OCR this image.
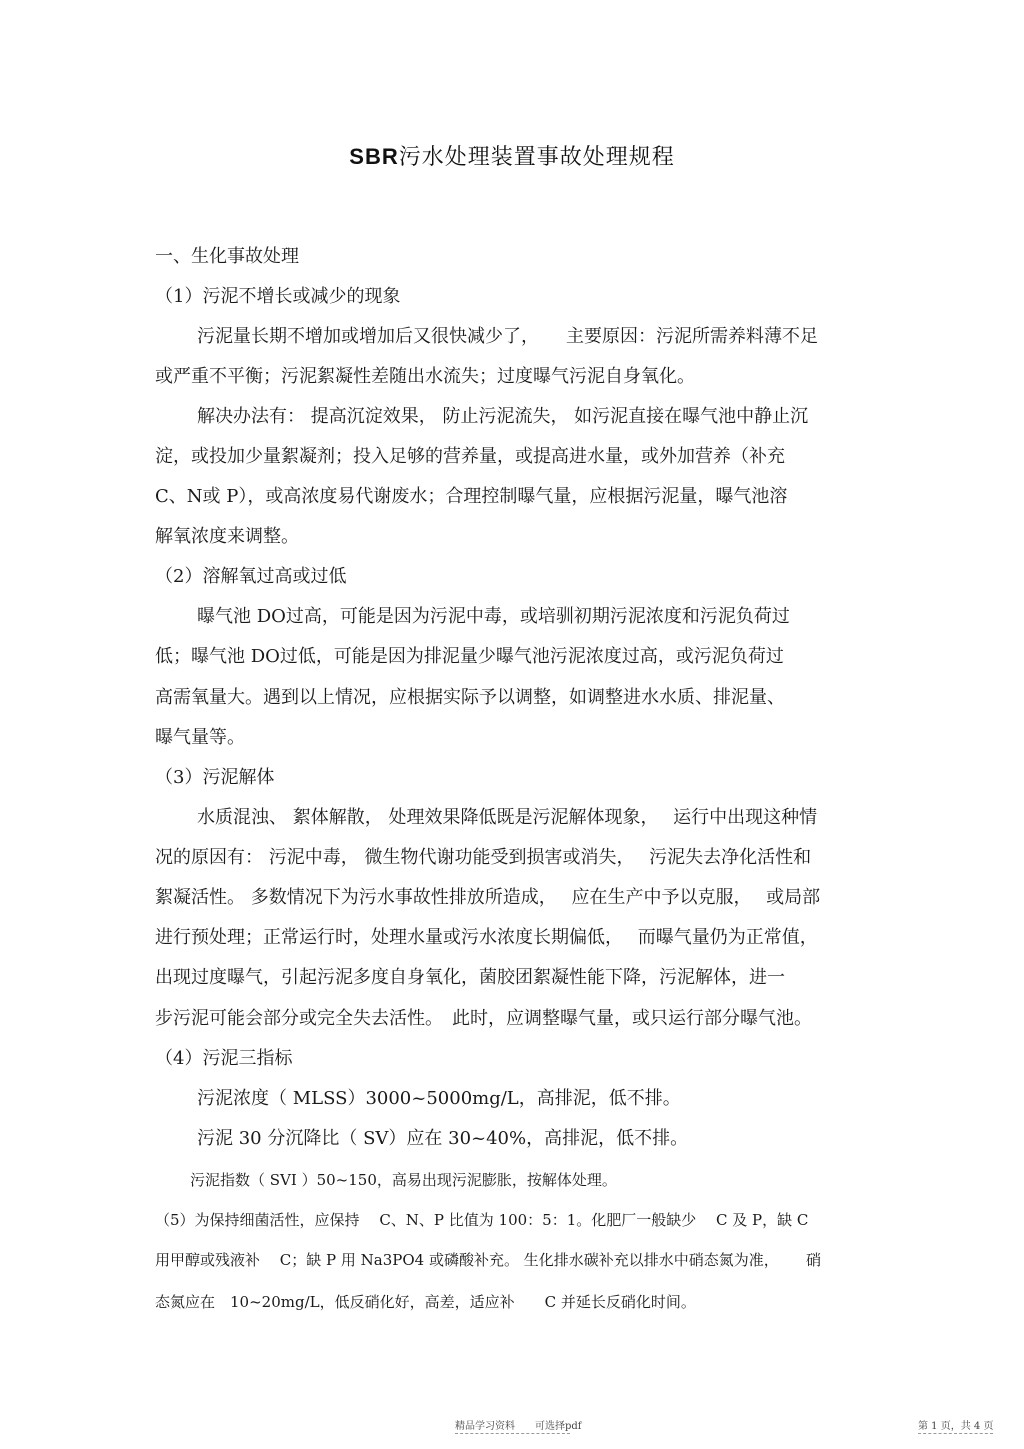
SBR污水处理装置事故处理规程
一、生化事故处理
（1）污泥不增长或减少的现象
污泥量长期不增加或增加后又很快减少了，　　主要原因：污泥所需养料薄不足
或严重不平衡；污泥絮凝性差随出水流失；过度曝气污泥自身氧化。
解决办法有： 提高沉淀效果， 防止污泥流失， 如污泥直接在曝气池中静止沉
淀，或投加少量絮凝剂；投入足够的营养量，或提高进水量，或外加营养（补充
C、N或 P），或高浓度易代谢废水；合理控制曝气量，应根据污泥量，曝气池溶
解氧浓度来调整。
（2）溶解氧过高或过低
曝气池 DO过高，可能是因为污泥中毒，或培驯初期污泥浓度和污泥负荷过
低；曝气池 DO过低，可能是因为排泥量少曝气池污泥浓度过高，或污泥负荷过
高需氧量大。遇到以上情况，应根据实际予以调整，如调整进水水质、排泥量、
曝气量等。
（3）污泥解体
水质混浊、 絮体解散， 处理效果降低既是污泥解体现象，　 运行中出现这种情
况的原因有： 污泥中毒， 微生物代谢功能受到损害或消失，　 污泥失去净化活性和
絮凝活性。 多数情况下为污水事故性排放所造成，　 应在生产中予以克服，　 或局部
进行预处理；正常运行时，处理水量或污水浓度长期偏低，　 而曝气量仍为正常值，
出现过度曝气，引起污泥多度自身氧化，菌胶团絮凝性能下降，污泥解体，进一
步污泥可能会部分或完全失去活性。　此时，应调整曝气量，或只运行部分曝气池。
（4）污泥三指标
污泥浓度（ MLSS）3000~5000mg/L，高排泥，低不排。
污泥 30 分沉降比（ SV）应在 30~40%，高排泥，低不排。
污泥指数（ SVI ）50~150，高易出现污泥膨胀，按解体处理。
（5）为保持细菌活性，应保持　 C、N、P 比值为 100：5：1。化肥厂一般缺少　 C 及 P，缺 C
用甲醇或残液补　 C；缺 P 用 Na3PO4 或磷酸补充。 生化排水碳补充以排水中硝态氮为准，　　 硝
态氮应在　10~20mg/L，低反硝化好，高差，适应补　　C 并延长反硝化时间。
精品学习资料　　可选择pdf	第 1 页，共 4 页
